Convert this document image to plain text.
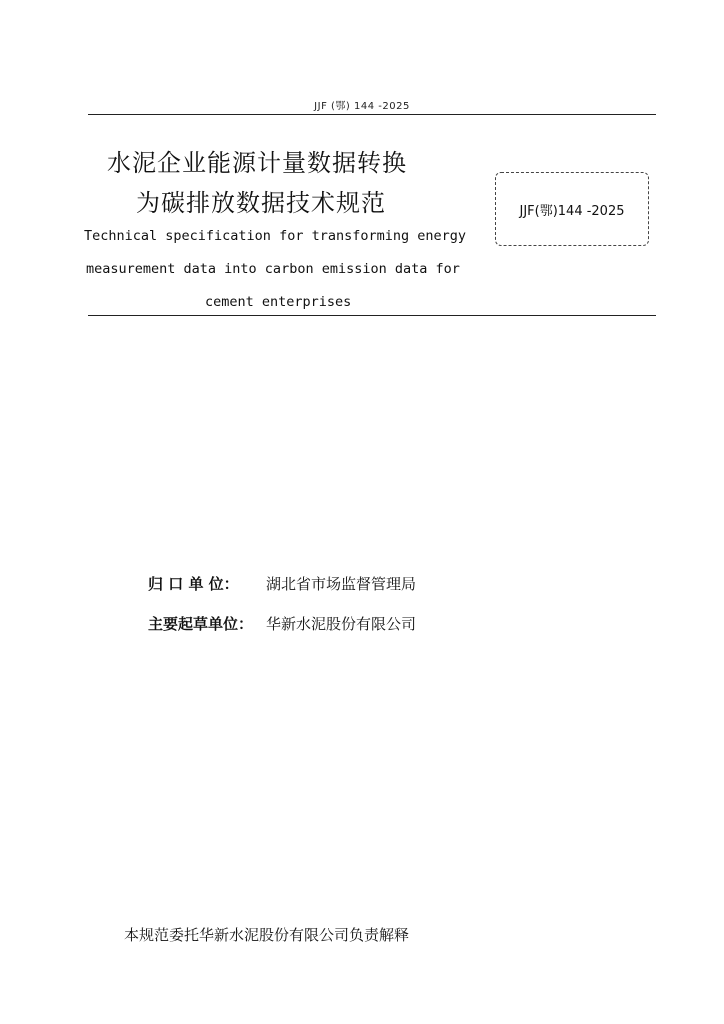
JJF (鄂) 144 -2025
水泥企业能源计量数据转换
为碳排放数据技术规范	JJF(鄂)144 -2025
Technical specification for transforming energy
measurement data into carbon emission data for
cement enterprises
归 口 单 位： 湖北省市场监督管理局
主要起草单位： 华新水泥股份有限公司
本规范委托华新水泥股份有限公司负责解释
